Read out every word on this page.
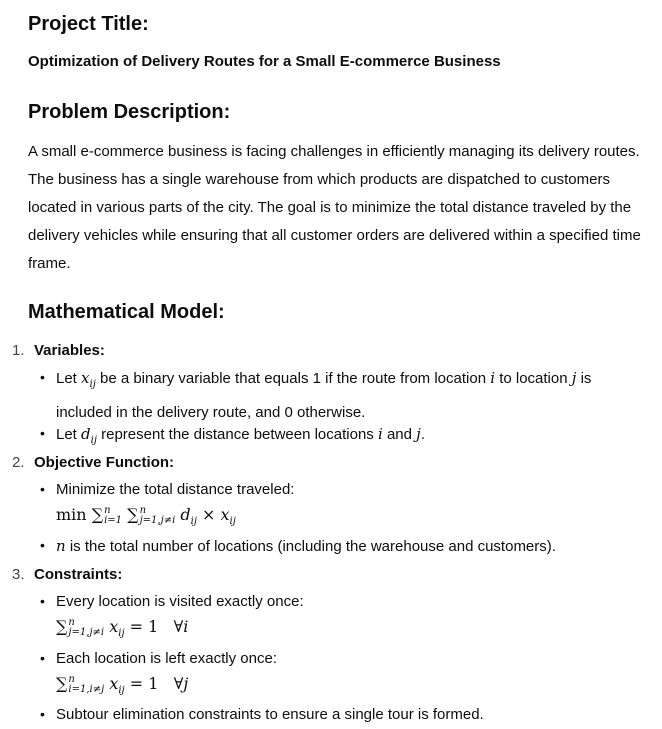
Project Title:

Optimization of Delivery Routes for a Small E-commerce Business

Problem Description:

A small e-commerce business is facing challenges in efficiently managing its delivery routes. The business has a single warehouse from which products are dispatched to customers located in various parts of the city. The goal is to minimize the total distance traveled by the delivery vehicles while ensuring that all customer orders are delivered within a specified time frame.

Mathematical Model:
1. Variables:
• Let $x_{ij}$ be a binary variable that equals 1 if the route from location i to location j is
included in the delivery route, and 0 otherwise.
• Let $d_{ij}$ represent the distance between locations i and j.
2. Objective Function:
• Minimize the total distance traveled:
min ∑ n
i=1 ∑ n
j=1,j≠i $d_{ij} \times x_{ij}$
• n is the total number of locations (including the warehouse and customers).
3. Constraints:
• Every location is visited exactly once:
∑ n
j=1,j≠i $x_{ij} = 1$ ∀i
• Each location is left exactly once:
∑ n
i=1,i≠j $x_{ij} = 1$ ∀j
• Subtour elimination constraints to ensure a single tour is formed.
